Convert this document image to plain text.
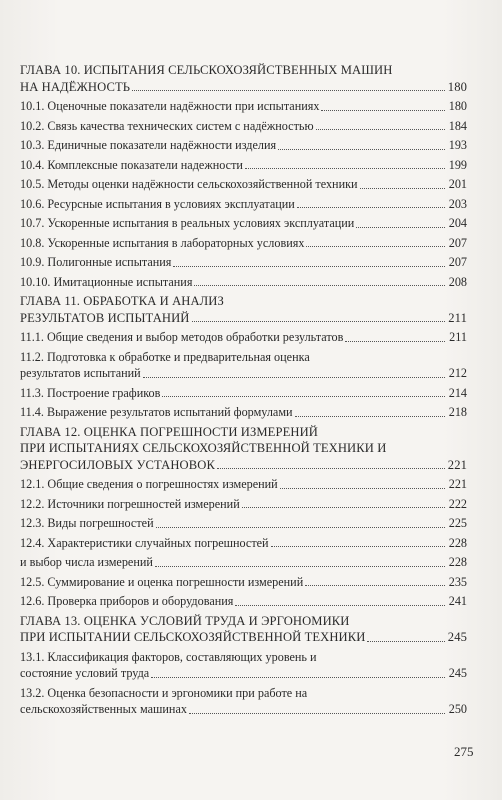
ГЛАВА 10. ИСПЫТАНИЯ СЕЛЬСКОХОЗЯЙСТВЕННЫХ МАШИН
НА НАДЁЖНОСТЬ	180
10.1. Оценочные показатели надёжности при испытаниях	180
10.2. Связь качества технических систем с надёжностью	184
10.3. Единичные показатели надёжности изделия	193
10.4. Комплексные показатели надежности	199
10.5. Методы оценки надёжности сельскохозяйственной техники	201
10.6. Ресурсные испытания в условиях эксплуатации	203
10.7. Ускоренные испытания в реальных условиях эксплуатации	204
10.8. Ускоренные испытания в лабораторных условиях	207
10.9. Полигонные испытания	207
10.10. Имитационные испытания	208
ГЛАВА 11. ОБРАБОТКА И АНАЛИЗ
РЕЗУЛЬТАТОВ ИСПЫТАНИЙ	211
11.1. Общие сведения и выбор методов обработки результатов	211
11.2. Подготовка к обработке и предварительная оценка
результатов испытаний	212
11.3. Построение графиков	214
11.4. Выражение результатов испытаний формулами	218
ГЛАВА 12. ОЦЕНКА ПОГРЕШНОСТИ ИЗМЕРЕНИЙ
ПРИ ИСПЫТАНИЯХ СЕЛЬСКОХОЗЯЙСТВЕННОЙ ТЕХНИКИ И
ЭНЕРГОСИЛОВЫХ УСТАНОВОК	221
12.1. Общие сведения о погрешностях измерений	221
12.2. Источники погрешностей измерений	222
12.3. Виды погрешностей	225
12.4. Характеристики случайных погрешностей	228
и выбор числа измерений	228
12.5. Суммирование и оценка погрешности измерений	235
12.6. Проверка приборов и оборудования	241
ГЛАВА 13. ОЦЕНКА УСЛОВИЙ ТРУДА И ЭРГОНОМИКИ
ПРИ ИСПЫТАНИИ СЕЛЬСКОХОЗЯЙСТВЕННОЙ ТЕХНИКИ	245
13.1. Классификация факторов, составляющих уровень и
состояние условий труда	245
13.2. Оценка безопасности и эргономики при работе на
сельскохозяйственных машинах	250
275
